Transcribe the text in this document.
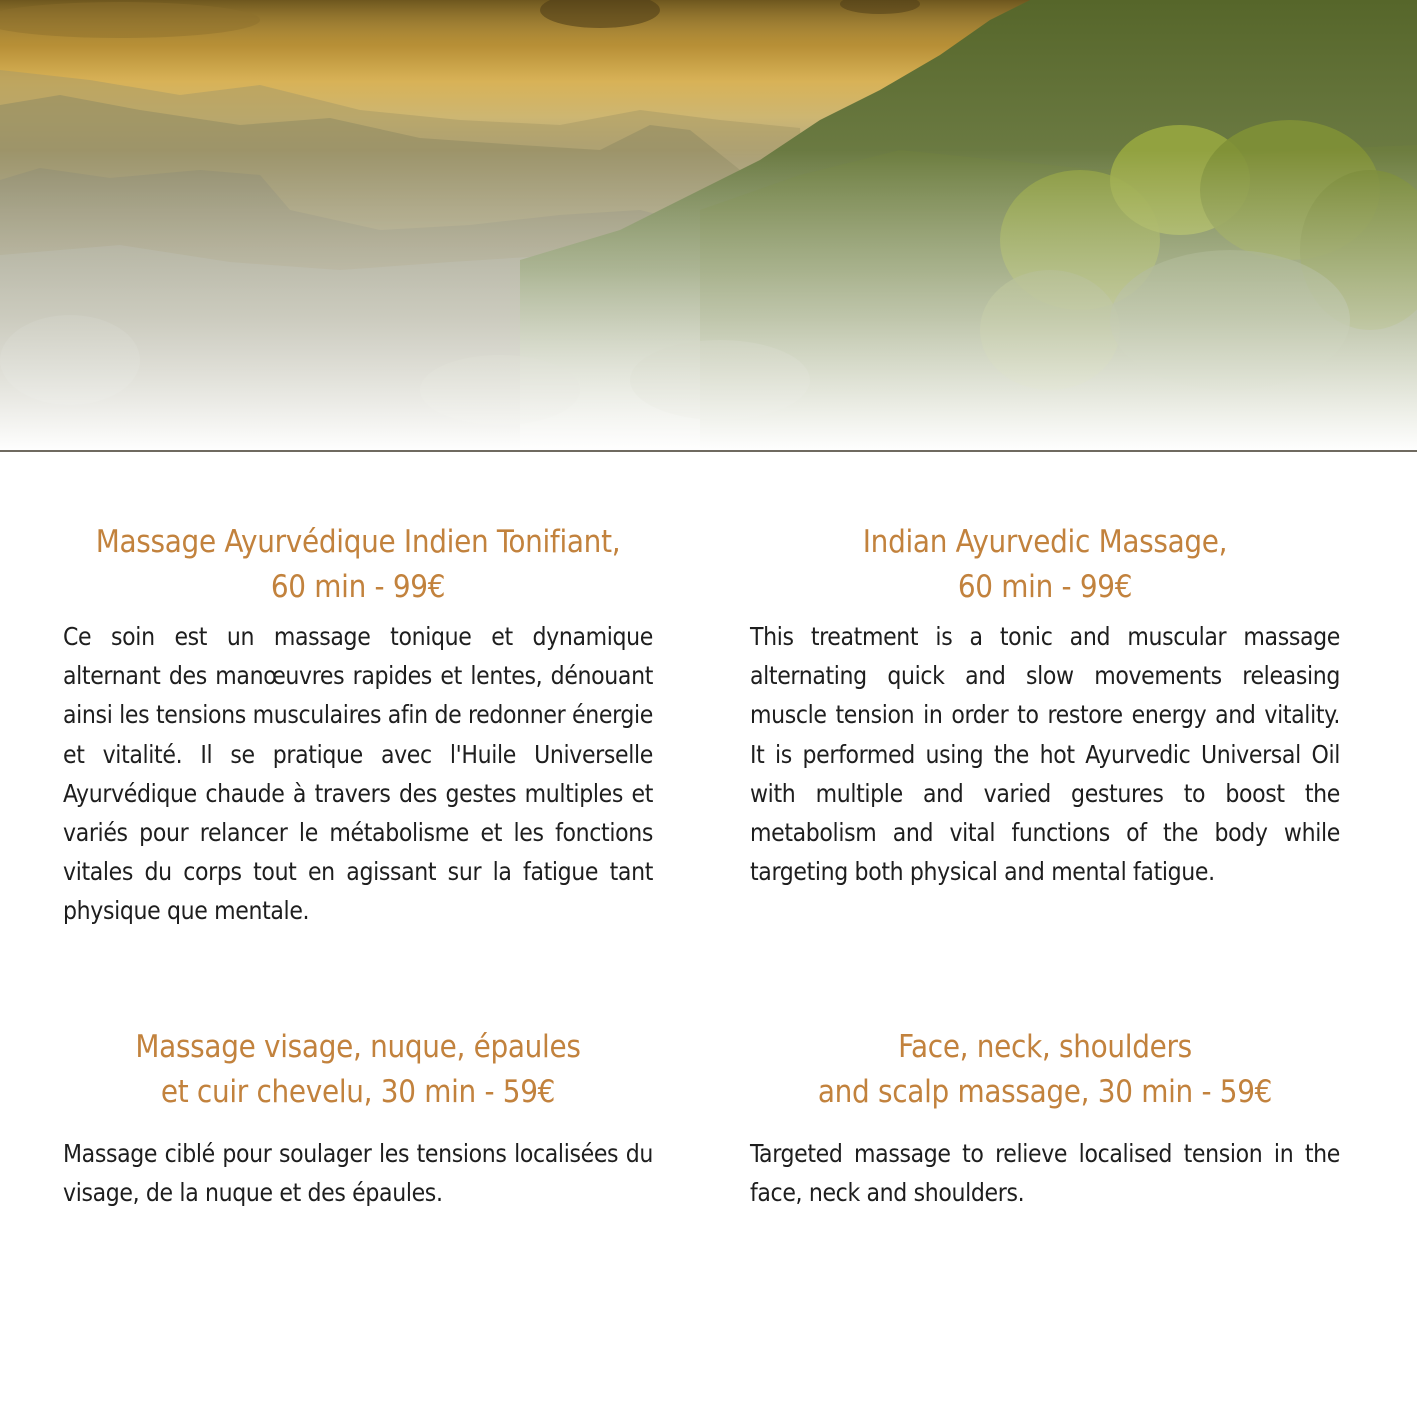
Massage Ayurvédique Indien Tonifiant,
60 min - 99€

Ce soin est un massage tonique et dynamique alternant des manœuvres rapides et lentes, dénouant ainsi les tensions musculaires afin de redonner énergie et vitalité. Il se pratique avec l'Huile Universelle Ayurvédique chaude à travers des gestes multiples et variés pour relancer le métabolisme et les fonctions vitales du corps tout en agissant sur la fatigue tant physique que mentale.

Indian Ayurvedic Massage,
60 min - 99€

This treatment is a tonic and muscular massage alternating quick and slow movements releasing muscle tension in order to restore energy and vitality. It is performed using the hot Ayurvedic Universal Oil with multiple and varied gestures to boost the metabolism and vital functions of the body while targeting both physical and mental fatigue.

Massage visage, nuque, épaules
et cuir chevelu, 30 min - 59€

Massage ciblé pour soulager les tensions localisées du visage, de la nuque et des épaules.

Face, neck, shoulders
and scalp massage, 30 min - 59€

Targeted massage to relieve localised tension in the face, neck and shoulders.
